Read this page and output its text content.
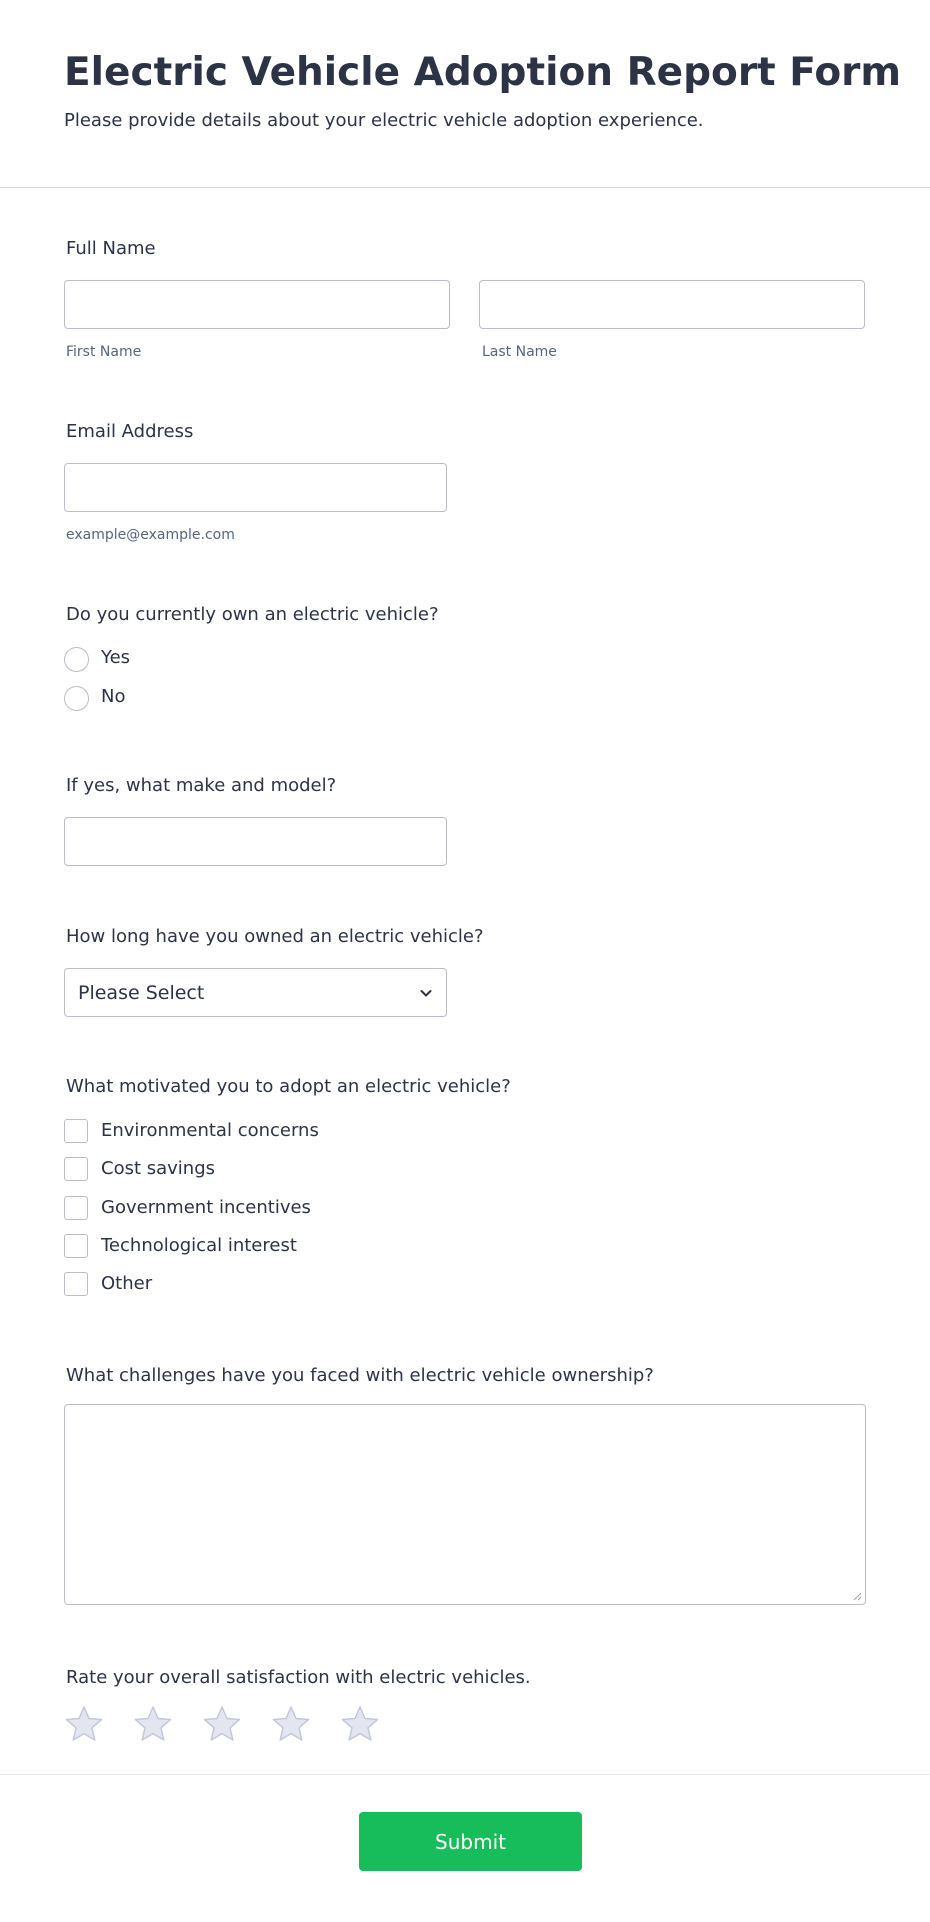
Electric Vehicle Adoption Report Form

Please provide details about your electric vehicle adoption experience.

Full Name
First Name	Last Name
Email Address
example@example.com
Do you currently own an electric vehicle?
Yes
No
If yes, what make and model?
How long have you owned an electric vehicle?
Please Select
What motivated you to adopt an electric vehicle?
Environmental concerns
Cost savings
Government incentives
Technological interest
Other
What challenges have you faced with electric vehicle ownership?
Rate your overall satisfaction with electric vehicles.
Submit
